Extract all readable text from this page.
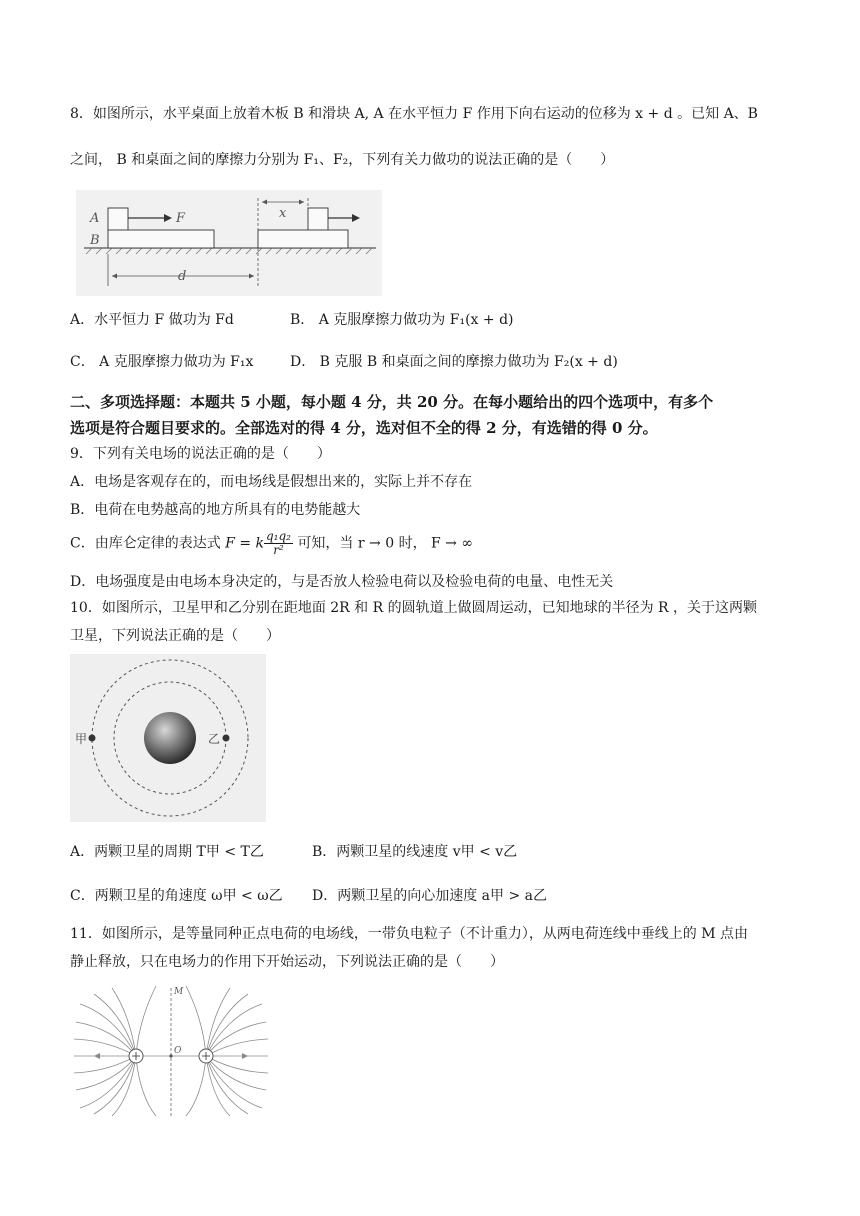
8．如图所示，水平桌面上放着木板 B 和滑块 A, A 在水平恒力 F 作用下向右运动的位移为 x + d 。已知 A、B
之间， B 和桌面之间的摩擦力分别为 F₁、F₂，下列有关力做功的说法正确的是（　　）
A
B
F	x
d
A．水平恒力 F 做功为 Fd	B． A 克服摩擦力做功为 F₁(x + d)
C． A 克服摩擦力做功为 F₁x	D． B 克服 B 和桌面之间的摩擦力做功为 F₂(x + d)
二、多项选择题：本题共 5 小题，每小题 4 分，共 20 分。在每小题给出的四个选项中，有多个
选项是符合题目要求的。全部选对的得 4 分，选对但不全的得 2 分，有选错的得 0 分。
9．下列有关电场的说法正确的是（　　）
A．电场是客观存在的，而电场线是假想出来的，实际上并不存在
B．电荷在电势越高的地方所具有的电势能越大
C．由库仑定律的表达式 F = k $\frac{\text{q₁q₂}}{\text{r²}}$ 可知，当 r → 0 时， F → ∞
D．电场强度是由电场本身决定的，与是否放人检验电荷以及检验电荷的电量、电性无关
10．如图所示，卫星甲和乙分别在距地面 2R 和 R 的圆轨道上做圆周运动，已知地球的半径为 R ，关于这两颗
卫星，下列说法正确的是（　　）
甲	乙
A．两颗卫星的周期 T甲 < T乙	B．两颗卫星的线速度 v甲 < v乙
C．两颗卫星的角速度 ω甲 < ω乙 D．两颗卫星的向心加速度 a甲 > a乙
11．如图所示，是等量同种正点电荷的电场线，一带负电粒子（不计重力），从两电荷连线中垂线上的 M 点由
静止释放，只在电场力的作用下开始运动，下列说法正确的是（　　）
M
O
